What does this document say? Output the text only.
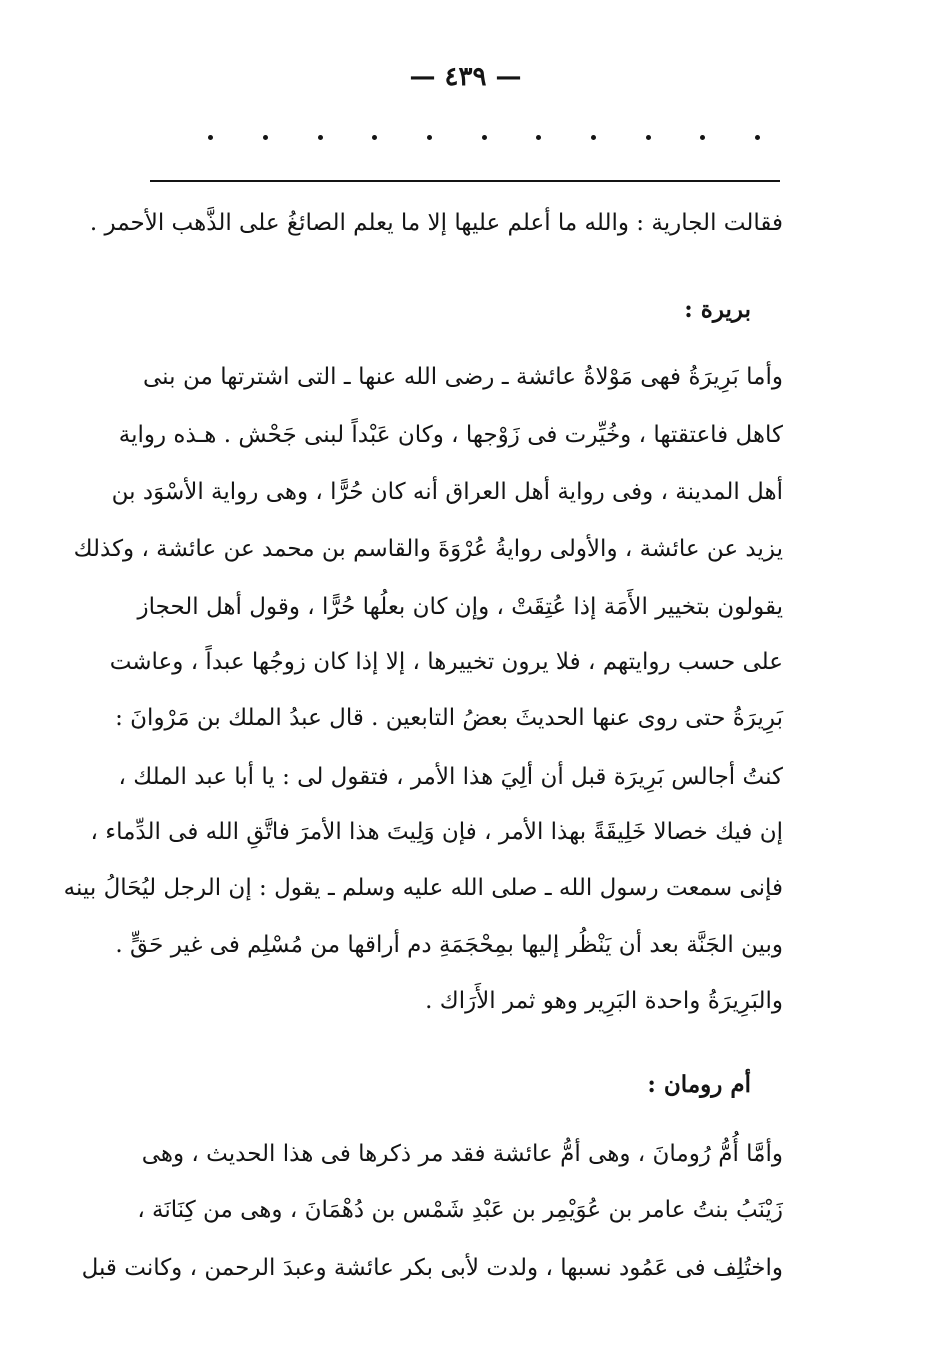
— ٤٣٩ —
فقالت الجارية : والله ما أعلم عليها إلا ما يعلم الصائغُ على الذَّهب الأحمر .
بريرة :
وأما بَرِيرَةُ فهى مَوْلاةُ عائشة ـ رضى الله عنها ـ التى اشترتها من بنى
كاهل فاعتقتها ، وخُيِّرت فى زَوْجها ، وكان عَبْداً لبنى جَحْش . هـذه رواية
أهل المدينة ، وفى رواية أهل العراق أنه كان حُرًّا ، وهى رواية الأسْوَد بن
يزيد عن عائشة ، والأولى روايةُ عُرْوَةَ والقاسم بن محمد عن عائشة ، وكذلك
يقولون بتخيير الأَمَة إذا عُتِقَتْ ، وإن كان بعلُها حُرًّا ، وقول أهل الحجاز
على حسب روايتهم ، فلا يرون تخييرها ، إلا إذا كان زوجُها عبداً ، وعاشت
بَرِيرَةُ حتى روى عنها الحديثَ بعضُ التابعين . قال عبدُ الملك بن مَرْوانَ :
كنتُ أجالس بَرِيرَة قبل أن ألِيَ هذا الأمر ، فتقول لى : يا أبا عبد الملك ،
إن فيك خصالا خَلِيقَةً بهذا الأمر ، فإن وَلِيتَ هذا الأمرَ فاتَّقِ الله فى الدِّماء ،
فإنى سمعت رسول الله ـ صلى الله عليه وسلم ـ يقول : إن الرجل ليُحَالُ بينه
وبين الجَنَّة بعد أن يَنْظُر إليها بمِحْجَمَةِ دم أراقها من مُسْلِم فى غير حَقٍّ .
والبَرِيرَةُ واحدة البَرِير وهو ثمر الأَرَاك .
أم رومان :
وأمَّا أُمُّ رُومانَ ، وهى أمُّ عائشة فقد مر ذكرها فى هذا الحديث ، وهى
زَيْنَبُ بنتُ عامر بن عُوَيْمِر بن عَبْدِ شَمْس بن دُهْمَانَ ، وهى من كِنَانَة ،
واختُلِف فى عَمُود نسبها ، ولدت لأبى بكر عائشة وعبدَ الرحمن ، وكانت قبل
